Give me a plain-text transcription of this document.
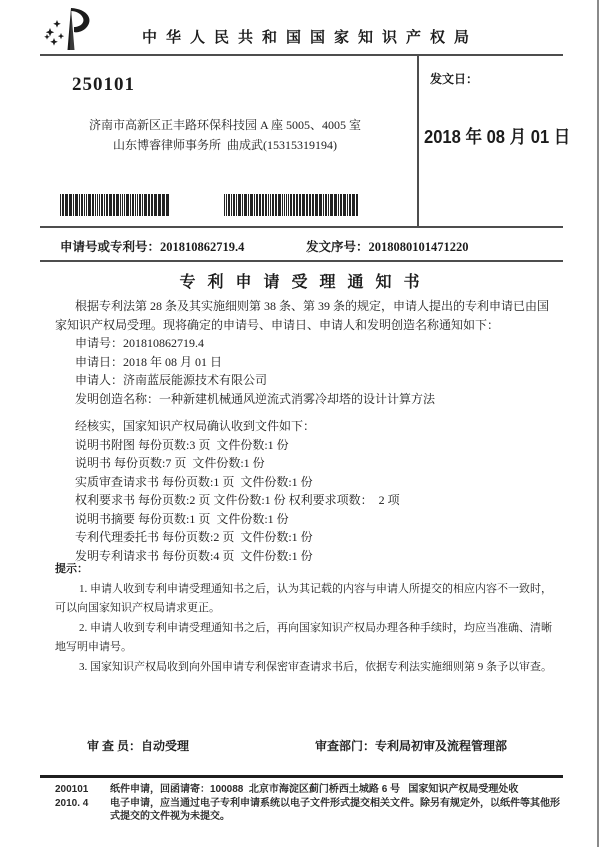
中华人民共和国国家知识产权局
250101
济南市高新区正丰路环保科技园 A 座 5005、4005 室
山东博睿律师事务所  曲成武(15315319194)
发文日：
2018 年 08 月 01 日
申请号或专利号：201810862719.4	发文序号：2018080101471220
专 利 申 请 受 理 通 知 书
根据专利法第 28 条及其实施细则第 38 条、第 39 条的规定，申请人提出的专利申请已由国家知识产权局受理。现将确定的申请号、申请日、申请人和发明创造名称通知如下：
申请号：201810862719.4
申请日：2018 年 08 月 01 日
申请人：济南蓝辰能源技术有限公司
发明创造名称：一种新建机械通风逆流式消雾冷却塔的设计计算方法
经核实，国家知识产权局确认收到文件如下：
说明书附图 每份页数:3 页  文件份数:1 份
说明书 每份页数:7 页  文件份数:1 份
实质审查请求书 每份页数:1 页  文件份数:1 份
权利要求书 每份页数:2 页 文件份数:1 份 权利要求项数：  2 项
说明书摘要 每份页数:1 页  文件份数:1 份
专利代理委托书 每份页数:2 页  文件份数:1 份
发明专利请求书 每份页数:4 页  文件份数:1 份
提示：
1. 申请人收到专利申请受理通知书之后，认为其记载的内容与申请人所提交的相应内容不一致时，可以向国家知识产权局请求更正。
2. 申请人收到专利申请受理通知书之后，再向国家知识产权局办理各种手续时，均应当准确、清晰地写明申请号。
3. 国家知识产权局收到向外国申请专利保密审查请求书后，依据专利法实施细则第 9 条予以审查。
审 查 员：自动受理	审查部门：专利局初审及流程管理部
200101	纸件申请，回函请寄：100088  北京市海淀区蓟门桥西土城路 6 号   国家知识产权局受理处收
2010. 4	电子申请，应当通过电子专利申请系统以电子文件形式提交相关文件。除另有规定外，以纸件等其他形式提交的文件视为未提交。
